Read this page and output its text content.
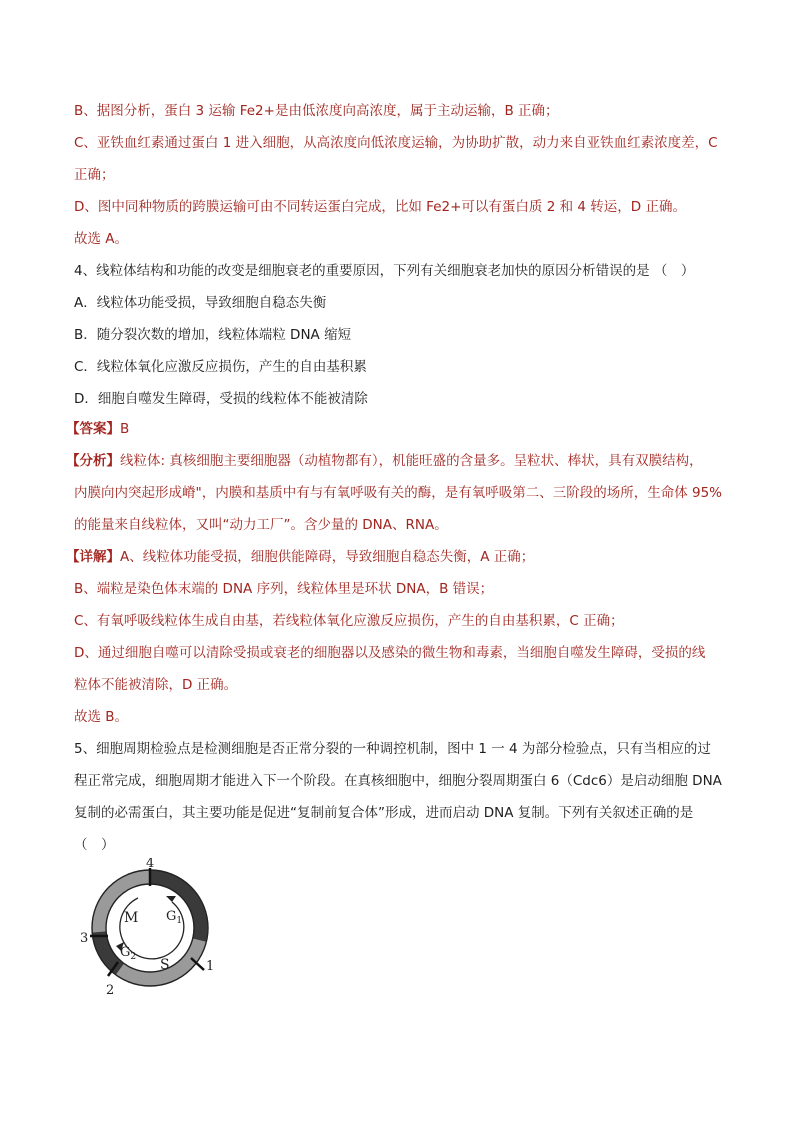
B、据图分析，蛋白 3 运输 Fe2+是由低浓度向高浓度，属于主动运输，B 正确；
C、亚铁血红素通过蛋白 1 进入细胞，从高浓度向低浓度运输，为协助扩散，动力来自亚铁血红素浓度差，C
正确；
D、图中同种物质的跨膜运输可由不同转运蛋白完成，比如 Fe2+可以有蛋白质 2 和 4 转运，D 正确。
故选 A。
4、线粒体结构和功能的改变是细胞衰老的重要原因，下列有关细胞衰老加快的原因分析错误的是 （　）
A．线粒体功能受损，导致细胞自稳态失衡
B．随分裂次数的增加，线粒体端粒 DNA 缩短
C．线粒体氧化应激反应损伤，产生的自由基积累
D．细胞自噬发生障碍，受损的线粒体不能被清除
【答案】B
【分析】线粒体: 真核细胞主要细胞器（动植物都有），机能旺盛的含量多。呈粒状、棒状，具有双膜结构，
内膜向内突起形成嵴"，内膜和基质中有与有氧呼吸有关的酶，是有氧呼吸第二、三阶段的场所，生命体 95%
的能量来自线粒体，又叫“动力工厂”。含少量的 DNA、RNA。
【详解】A、线粒体功能受损，细胞供能障碍，导致细胞自稳态失衡，A 正确；
B、端粒是染色体末端的 DNA 序列，线粒体里是环状 DNA，B 错误；
C、有氧呼吸线粒体生成自由基，若线粒体氧化应激反应损伤，产生的自由基积累，C 正确；
D、通过细胞自噬可以清除受损或衰老的细胞器以及感染的微生物和毒素，当细胞自噬发生障碍，受损的线
粒体不能被清除，D 正确。
故选 B。
5、细胞周期检验点是检测细胞是否正常分裂的一种调控机制，图中 1 一 4 为部分检验点，只有当相应的过
程正常完成，细胞周期才能进入下一个阶段。在真核细胞中，细胞分裂周期蛋白 6（Cdc6）是启动细胞 DNA
复制的必需蛋白，其主要功能是促进“复制前复合体”形成，进而启动 DNA 复制。下列有关叙述正确的是
（　）
4
1
2
3
M $G_1$
S
$G_2$
